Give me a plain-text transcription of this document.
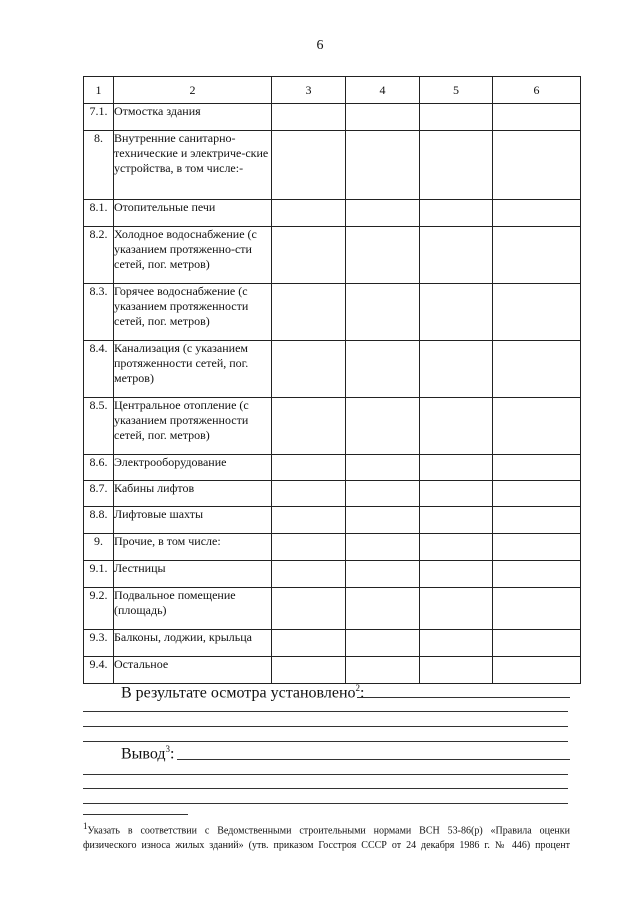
6
1	2	3	4	5	6
7.1.	Отмостка здания				
8.	Внутренние санитарно-технические и электриче-ские устройства, в том числе:-				
8.1.	Отопительные печи				
8.2.	Холодное водоснабжение (с указанием протяженно-сти сетей, пог. метров)				
8.3.	Горячее водоснабжение (с указанием протяженности сетей, пог. метров)				
8.4.	Канализация (с указанием протяженности сетей, пог. метров)				
8.5.	Центральное отопление (с указанием протяженности сетей, пог. метров)				
8.6.	Электрооборудование				
8.7.	Кабины лифтов				
8.8.	Лифтовые шахты				
9.	Прочие, в том числе:				
9.1.	Лестницы				
9.2.	Подвальное помещение (площадь)				
9.3.	Балконы, лоджии, крыльца				
9.4.	Остальное				
В результате осмотра установлено$^2$:
Вывод$^3$:
$^1$Указать в соответствии с Ведомственными строительными нормами ВСН 53-86(р) «Правила оценки физического износа жилых зданий» (утв. приказом Госстроя СССР от 24 декабря 1986 г. № 446) процент
